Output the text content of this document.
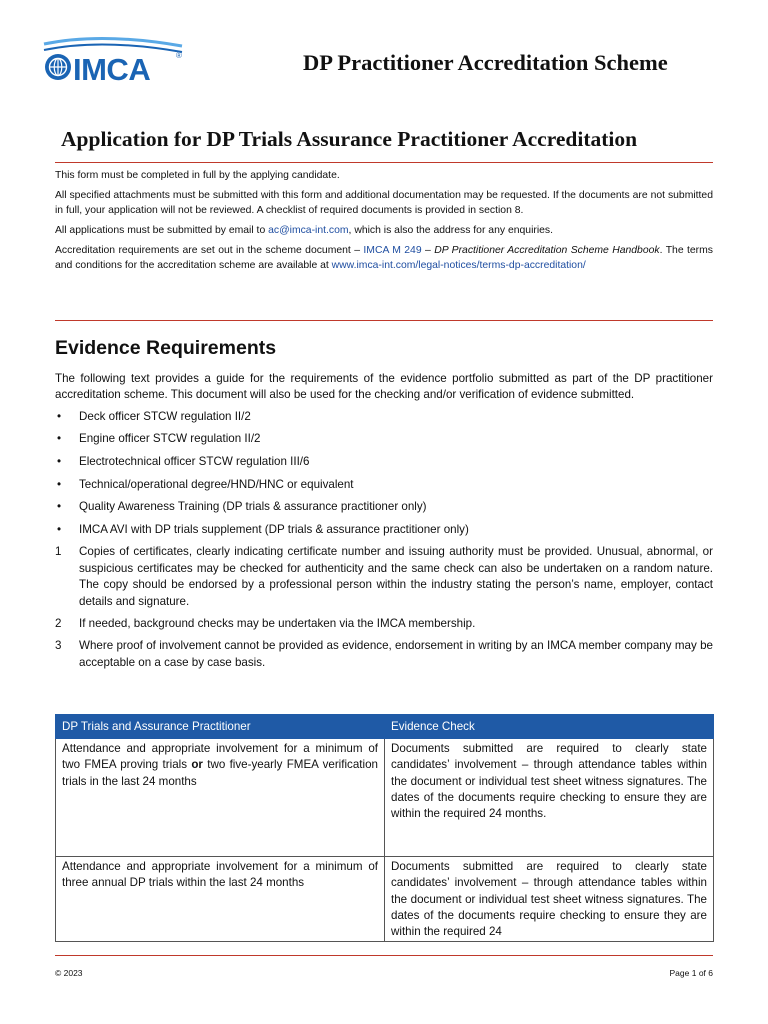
IMCA	®	DP Practitioner Accreditation Scheme
Application for DP Trials Assurance Practitioner Accreditation

This form must be completed in full by the applying candidate.

All specified attachments must be submitted with this form and additional documentation may be requested. If the documents are not submitted in full, your application will not be reviewed. A checklist of required documents is provided in section 8.

All applications must be submitted by email to ac@imca-int.com, which is also the address for any enquiries.

Accreditation requirements are set out in the scheme document – IMCA M 249 – DP Practitioner Accreditation Scheme Handbook. The terms and conditions for the accreditation scheme are available at www.imca-int.com/legal-notices/terms-dp-accreditation/

Evidence Requirements

The following text provides a guide for the requirements of the evidence portfolio submitted as part of the DP practitioner accreditation scheme. This document will also be used for the checking and/or verification of evidence submitted.

• Deck officer STCW regulation II/2
• Engine officer STCW regulation II/2
• Electrotechnical officer STCW regulation III/6
• Technical/operational degree/HND/HNC or equivalent
• Quality Awareness Training (DP trials & assurance practitioner only)
• IMCA AVI with DP trials supplement (DP trials & assurance practitioner only)
1 Copies of certificates, clearly indicating certificate number and issuing authority must be provided. Unusual, abnormal, or suspicious certificates may be checked for authenticity and the same check can also be undertaken on a random nature. The copy should be endorsed by a professional person within the industry stating the person’s name, employer, contact details and signature.
2 If needed, background checks may be undertaken via the IMCA membership.
3 Where proof of involvement cannot be provided as evidence, endorsement in writing by an IMCA member company may be acceptable on a case by case basis.
DP Trials and Assurance Practitioner	Evidence Check
Attendance and appropriate involvement for a minimum of two FMEA proving trials or two five-yearly FMEA verification trials in the last 24 months	Documents submitted are required to clearly state candidates’ involvement – through attendance tables within the document or individual test sheet witness signatures. The dates of the documents require checking to ensure they are within the required 24 months.
Attendance and appropriate involvement for a minimum of three annual DP trials within the last 24 months	Documents submitted are required to clearly state candidates’ involvement – through attendance tables within the document or individual test sheet witness signatures. The dates of the documents require checking to ensure they are within the required 24
© 2023	Page 1 of 6
